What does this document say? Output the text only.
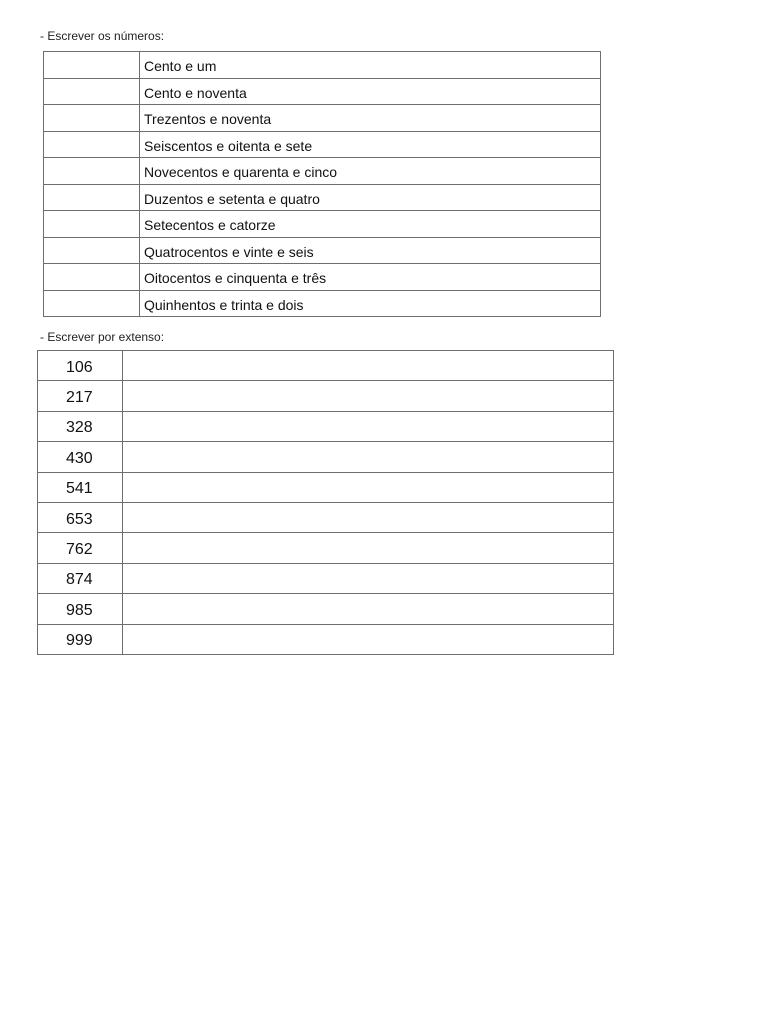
- Escrever os números:
	Cento e um
	Cento e noventa
	Trezentos e noventa
	Seiscentos e oitenta e sete
	Novecentos e quarenta e cinco
	Duzentos e setenta e quatro
	Setecentos e catorze
	Quatrocentos e vinte e seis
	Oitocentos e cinquenta e três
	Quinhentos e trinta e dois
- Escrever por extenso:
106	
217	
328	
430	
541	
653	
762	
874	
985	
999	
